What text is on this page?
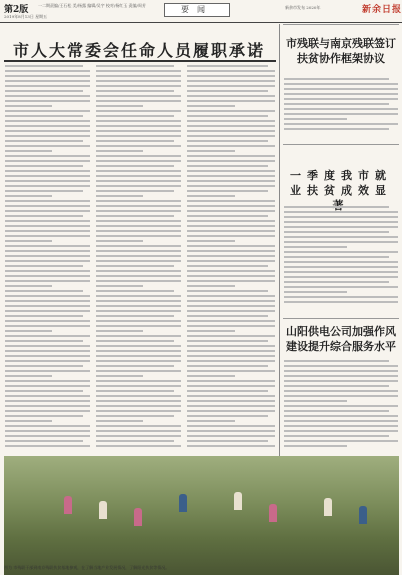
第2版 一二期责编/王石松 美/杨露 编辑/吴宇 校对/杨红玉 责编/周芳
2019年8月13日 星期五
要闻	新余市发布 2020年	新余日报
市人大常委会任命人员履职承诺	市残联与南京残联签订扶贫协作框架协议
一季度我市就业扶贫成效显
山阳供电公司加强作风建设提升综合服务水平
图为 市残联干部到南京残联扶贫基地参观，在了解当地产业发展情况，了解阳光扶贫等情况。
